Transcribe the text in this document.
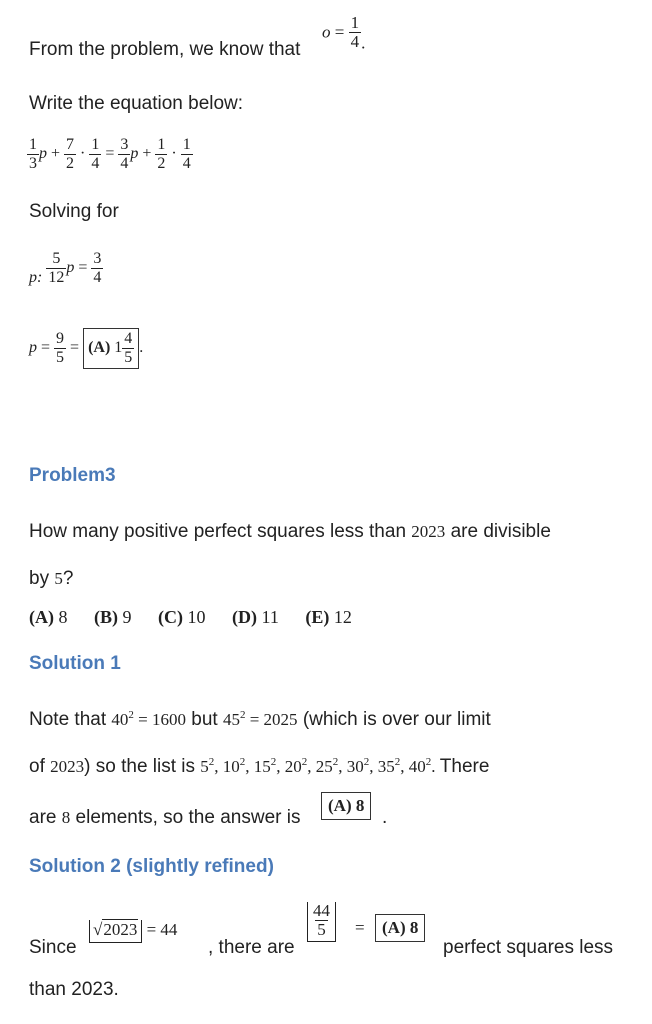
From the problem, we know that
$o = \frac{1}{4}$ .
Write the equation below:
$\frac{1}{3}$ $p + \frac{7}{2} \cdot \frac{1}{4} = \frac{3}{4}$ $p + \frac{1}{2} \cdot \frac{1}{4}$
Solving for
p: $\frac{5}{12}$ $p = \frac{3}{4}$
$p = \frac{9}{5} = (A)$ $1 \frac{4}{5}$ .
Problem3
How many positive perfect squares less than 2023 are divisible
by 5?
(A) 8 (B) 9 (C) 10 (D) 11 (E) 12
Solution 1
Note that $40^2 = 1600$ but $45^2 = 2025$ (which is over our limit
of 2023) so the list is $5^2$, $10^2$, $15^2$, $20^2$, $25^2$, $30^2$, $35^2$, $40^2$. There
are 8 elements, so the answer is
(A) 8
.
Solution 2 (slightly refined)
Since
√2023 = 44
, there are
$\frac{44}{5}$ =	(A) 8
perfect squares less
than 2023.
